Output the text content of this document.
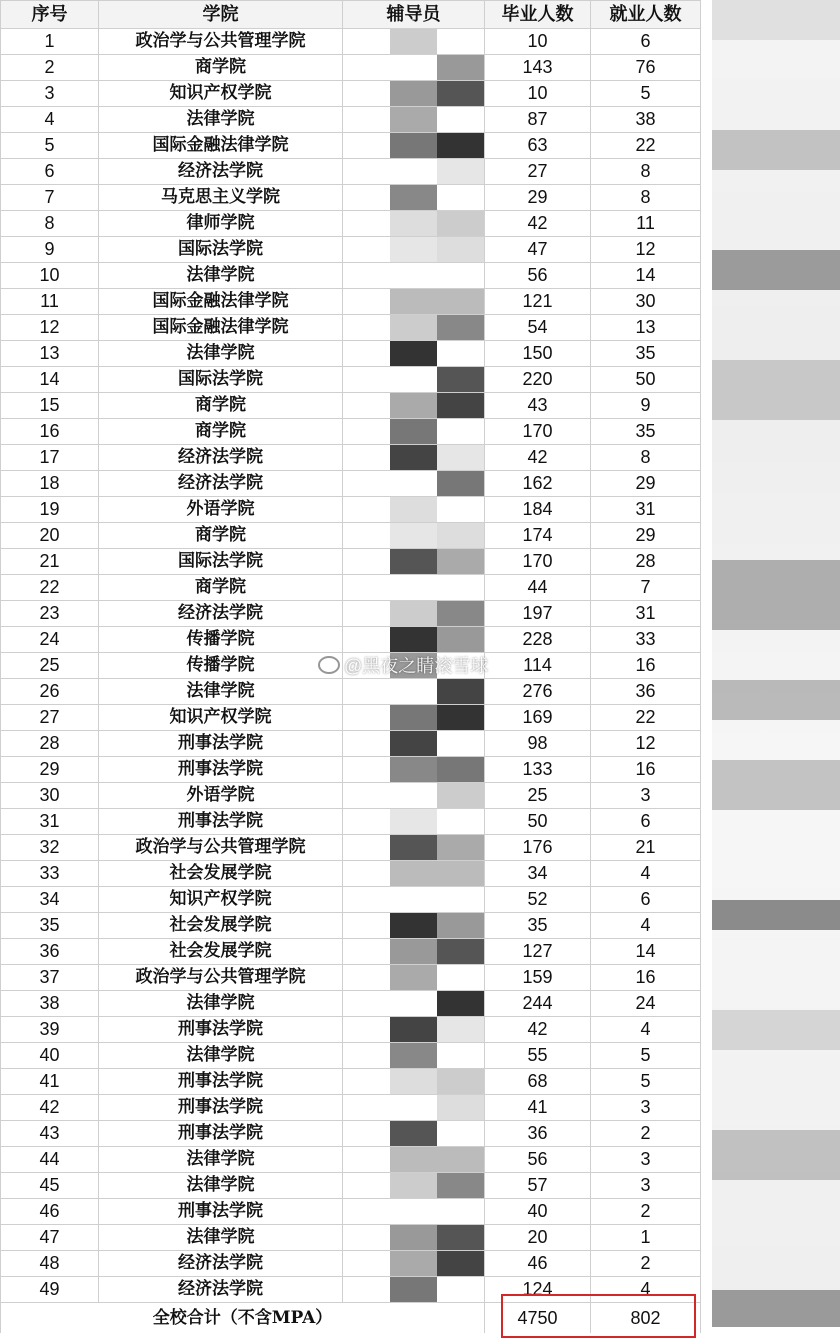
序号	学院	辅导员	毕业人数	就业人数
1	政治学与公共管理学院		10	6
2	商学院		143	76
3	知识产权学院		10	5
4	法律学院		87	38
5	国际金融法律学院		63	22
6	经济法学院		27	8
7	马克思主义学院		29	8
8	律师学院		42	11
9	国际法学院		47	12
10	法律学院		56	14
11	国际金融法律学院		121	30
12	国际金融法律学院		54	13
13	法律学院		150	35
14	国际法学院		220	50
15	商学院		43	9
16	商学院		170	35
17	经济法学院		42	8
18	经济法学院		162	29
19	外语学院		184	31
20	商学院		174	29
21	国际法学院		170	28
22	商学院		44	7
23	经济法学院		197	31
24	传播学院		228	33
25	传播学院		114	16
26	法律学院		276	36
27	知识产权学院		169	22
28	刑事法学院		98	12
29	刑事法学院		133	16
30	外语学院		25	3
31	刑事法学院		50	6
32	政治学与公共管理学院		176	21
33	社会发展学院		34	4
34	知识产权学院		52	6
35	社会发展学院		35	4
36	社会发展学院		127	14
37	政治学与公共管理学院		159	16
38	法律学院		244	24
39	刑事法学院		42	4
40	法律学院		55	5
41	刑事法学院		68	5
42	刑事法学院		41	3
43	刑事法学院		36	2
44	法律学院		56	3
45	法律学院		57	3
46	刑事法学院		40	2
47	法律学院		20	1
48	经济法学院		46	2
49	经济法学院		124	4
全校合计（不含MPA）			4750	802
@黑夜之睛滚雪球
